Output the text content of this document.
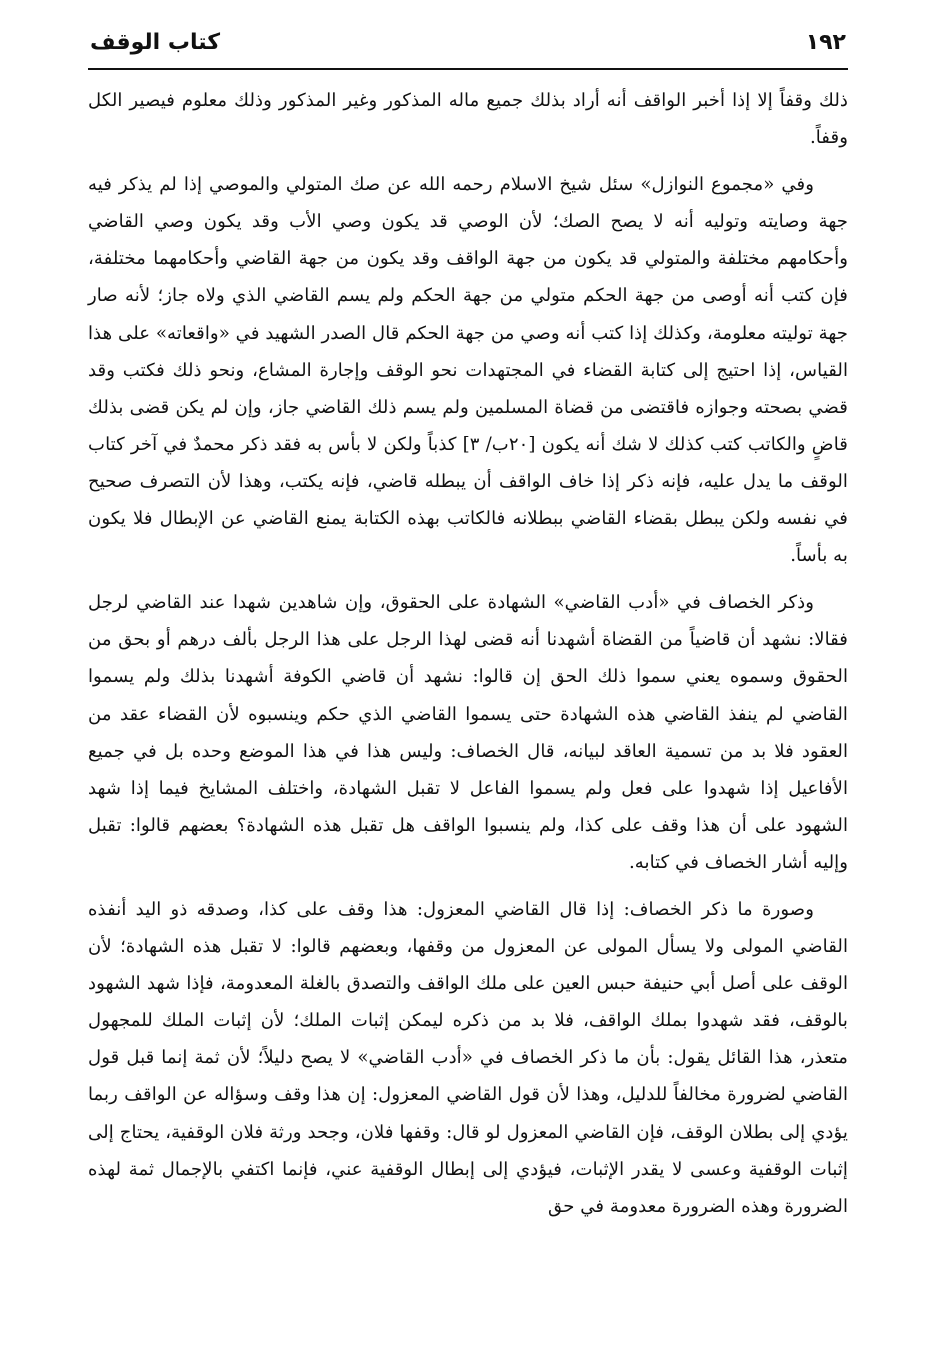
١٩٢
كتاب الوقف

ذلك وقفاً إلا إذا أخبر الواقف أنه أراد بذلك جميع ماله المذكور وغير المذكور وذلك معلوم فيصير الكل وقفاً.

وفي «مجموع النوازل» سئل شيخ الاسلام رحمه الله عن صك المتولي والموصي إذا لم يذكر فيه جهة وصايته وتوليه أنه لا يصح الصك؛ لأن الوصي قد يكون وصي الأب وقد يكون وصي القاضي وأحكامهم مختلفة والمتولي قد يكون من جهة الواقف وقد يكون من جهة القاضي وأحكامهما مختلفة، فإن كتب أنه أوصى من جهة الحكم متولي من جهة الحكم ولم يسم القاضي الذي ولاه جاز؛ لأنه صار جهة توليته معلومة، وكذلك إذا كتب أنه وصي من جهة الحكم قال الصدر الشهيد في «واقعاته» على هذا القياس، إذا احتيج إلى كتابة القضاء في المجتهدات نحو الوقف وإجارة المشاع، ونحو ذلك فكتب وقد قضي بصحته وجوازه فاقتضى من قضاة المسلمين ولم يسم ذلك القاضي جاز، وإن لم يكن قضى بذلك قاضٍ والكاتب كتب كذلك لا شك أنه يكون [٢٠ب/ ٣] كذباً ولكن لا بأس به فقد ذكر محمدٌ في آخر كتاب الوقف ما يدل عليه، فإنه ذكر إذا خاف الواقف أن يبطله قاضي، فإنه يكتب، وهذا لأن التصرف صحيح في نفسه ولكن يبطل بقضاء القاضي ببطلانه فالكاتب بهذه الكتابة يمنع القاضي عن الإبطال فلا يكون به بأساً.

وذكر الخصاف في «أدب القاضي» الشهادة على الحقوق، وإن شاهدين شهدا عند القاضي لرجل فقالا: نشهد أن قاضياً من القضاة أشهدنا أنه قضى لهذا الرجل على هذا الرجل بألف درهم أو بحق من الحقوق وسموه يعني سموا ذلك الحق إن قالوا: نشهد أن قاضي الكوفة أشهدنا بذلك ولم يسموا القاضي لم ينفذ القاضي هذه الشهادة حتى يسموا القاضي الذي حكم وينسبوه لأن القضاء عقد من العقود فلا بد من تسمية العاقد لبيانه، قال الخصاف: وليس هذا في هذا الموضع وحده بل في جميع الأفاعيل إذا شهدوا على فعل ولم يسموا الفاعل لا تقبل الشهادة، واختلف المشايخ فيما إذا شهد الشهود على أن هذا وقف على كذا، ولم ينسبوا الواقف هل تقبل هذه الشهادة؟ بعضهم قالوا: تقبل وإليه أشار الخصاف في كتابه.

وصورة ما ذكر الخصاف: إذا قال القاضي المعزول: هذا وقف على كذا، وصدقه ذو اليد أنفذه القاضي المولى ولا يسأل المولى عن المعزول من وقفها، وبعضهم قالوا: لا تقبل هذه الشهادة؛ لأن الوقف على أصل أبي حنيفة حبس العين على ملك الواقف والتصدق بالغلة المعدومة، فإذا شهد الشهود بالوقف، فقد شهدوا بملك الواقف، فلا بد من ذكره ليمكن إثبات الملك؛ لأن إثبات الملك للمجهول متعذر، هذا القائل يقول: بأن ما ذكر الخصاف في «أدب القاضي» لا يصح دليلاً؛ لأن ثمة إنما قبل قول القاضي لضرورة مخالفاً للدليل، وهذا لأن قول القاضي المعزول: إن هذا وقف وسؤاله عن الواقف ربما يؤدي إلى بطلان الوقف، فإن القاضي المعزول لو قال: وقفها فلان، وجحد ورثة فلان الوقفية، يحتاج إلى إثبات الوقفية وعسى لا يقدر الإثبات، فيؤدي إلى إبطال الوقفية عني، فإنما اكتفي بالإجمال ثمة لهذه الضرورة وهذه الضرورة معدومة في حق
